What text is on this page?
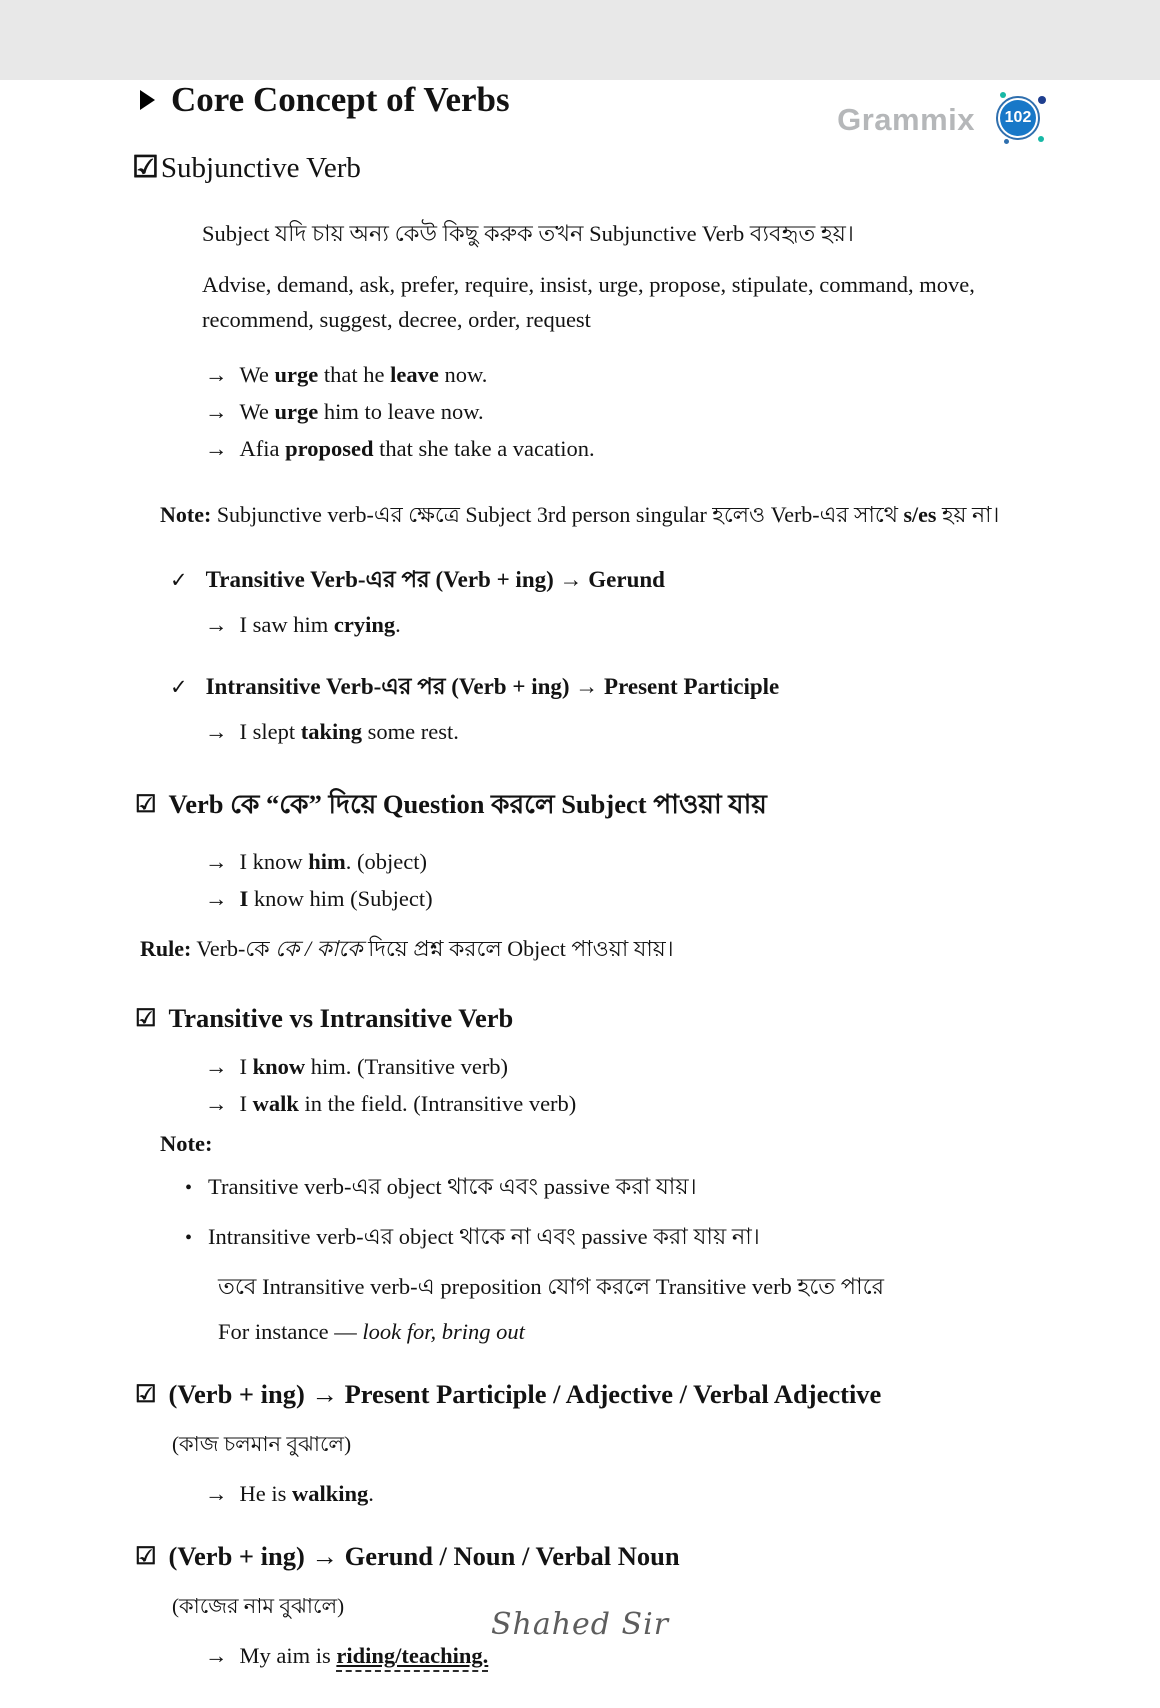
Grammix 102
Core Concept of Verbs
☑Subjunctive Verb

Subject যদি চায় অন্য কেউ কিছু করুক তখন Subjunctive Verb ব্যবহৃত হয়।

Advise, demand, ask, prefer, require, insist, urge, propose, stipulate, command, move, recommend, suggest, decree, order, request

→ We urge that he leave now.

→ We urge him to leave now.

→ Afia proposed that she take a vacation.

Note: Subjunctive verb-এর ক্ষেত্রে Subject 3rd person singular হলেও Verb-এর সাথে s/es হয় না।

✓ Transitive Verb-এর পর (Verb + ing) → Gerund

→ I saw him crying.

✓ Intransitive Verb-এর পর (Verb + ing) → Present Participle

→ I slept taking some rest.

☑ Verb কে “কে” দিয়ে Question করলে Subject পাওয়া যায়

→ I know him. (object)

→ I know him (Subject)

Rule: Verb-কে কে / কাকে দিয়ে প্রশ্ন করলে Object পাওয়া যায়।

☑ Transitive vs Intransitive Verb

→ I know him. (Transitive verb)

→ I walk in the field. (Intransitive verb)

Note:

• Transitive verb-এর object থাকে এবং passive করা যায়।

• Intransitive verb-এর object থাকে না এবং passive করা যায় না।

তবে Intransitive verb-এ preposition যোগ করলে Transitive verb হতে পারে

For instance — look for, bring out

☑ (Verb + ing) → Present Participle / Adjective / Verbal Adjective

(কাজ চলমান বুঝালে)

→ He is walking.

☑ (Verb + ing) → Gerund / Noun / Verbal Noun

(কাজের নাম বুঝালে)

→ My aim is riding/teaching.

Shahed Sir
